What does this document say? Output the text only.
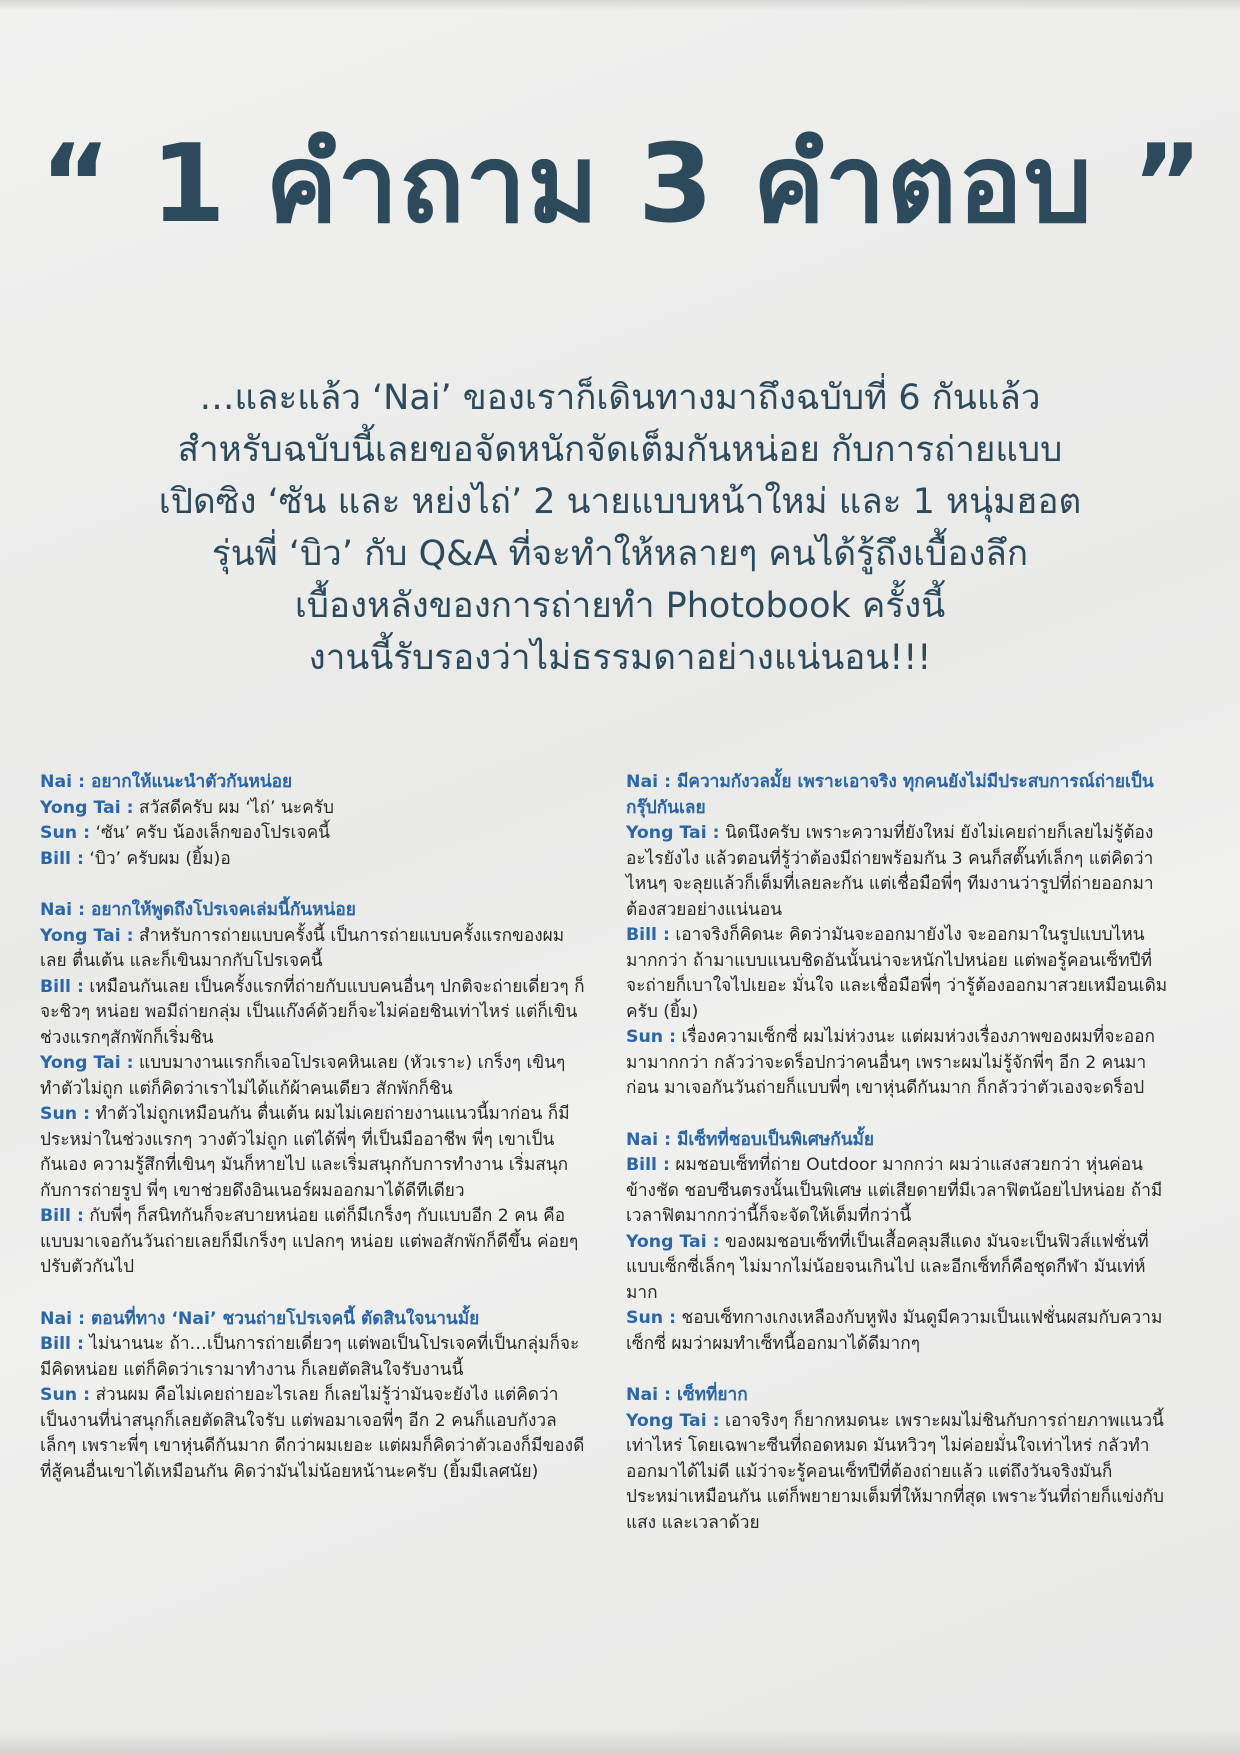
“ 1 คำถาม 3 คำตอบ ”
…และแล้ว ‘Nai’ ของเราก็เดินทางมาถึงฉบับที่ 6 กันแล้ว
สำหรับฉบับนี้เลยขอจัดหนักจัดเต็มกันหน่อย กับการถ่ายแบบ
เปิดซิง ‘ซัน และ หย่งไถ่’ 2 นายแบบหน้าใหม่ และ 1 หนุ่มฮอต
รุ่นพี่ ‘บิว’ กับ Q&A ที่จะทำให้หลายๆ คนได้รู้ถึงเบื้องลึก
เบื้องหลังของการถ่ายทำ Photobook ครั้งนี้
งานนี้รับรองว่าไม่ธรรมดาอย่างแน่นอน!!!
Nai : อยากให้แนะนำตัวกันหน่อย
Yong Tai : สวัสดีครับ ผม ‘ไถ่’ นะครับ
Sun : ‘ซัน’ ครับ น้องเล็กของโปรเจคนี้
Bill : ‘บิว’ ครับผม (ยิ้ม)อ
Nai : อยากให้พูดถึงโปรเจคเล่มนี้กันหน่อย
Yong Tai : สำหรับการถ่ายแบบครั้งนี้ เป็นการถ่ายแบบครั้งแรกของผมเลย ตื่นเต้น และก็เขินมากกับโปรเจคนี้
Bill : เหมือนกันเลย เป็นครั้งแรกที่ถ่ายกับแบบคนอื่นๆ ปกติจะถ่ายเดี่ยวๆ ก็จะชิวๆ หน่อย พอมีถ่ายกลุ่ม เป็นแก๊งค์ด้วยก็จะไม่ค่อยชินเท่าไหร่ แต่ก็เขินช่วงแรกๆสักพักก็เริ่มชิน
Yong Tai : แบบมางานแรกก็เจอโปรเจคหินเลย (หัวเราะ) เกร็งๆ เขินๆ ทำตัวไม่ถูก แต่ก็คิดว่าเราไม่ได้แก้ผ้าคนเดียว สักพักก็ชิน
Sun : ทำตัวไม่ถูกเหมือนกัน ตื่นเต้น ผมไม่เคยถ่ายงานแนวนี้มาก่อน ก็มีประหม่าในช่วงแรกๆ วางตัวไม่ถูก แต่ได้พี่ๆ ที่เป็นมืออาชีพ พี่ๆ เขาเป็นกันเอง ความรู้สึกที่เขินๆ มันก็หายไป และเริ่มสนุกกับการทำงาน เริ่มสนุกกับการถ่ายรูป พี่ๆ เขาช่วยดึงอินเนอร์ผมออกมาได้ดีทีเดียว
Bill : กับพี่ๆ ก็สนิทกันก็จะสบายหน่อย แต่ก็มีเกร็งๆ กับแบบอีก 2 คน คือแบบมาเจอกันวันถ่ายเลยก็มีเกร็งๆ แปลกๆ หน่อย แต่พอสักพักก็ดีขึ้น ค่อยๆ ปรับตัวกันไป
Nai : ตอนที่ทาง ‘Nai’ ชวนถ่ายโปรเจคนี้ ตัดสินใจนานมั้ย
Bill : ไม่นานนะ ถ้า…เป็นการถ่ายเดี่ยวๆ แต่พอเป็นโปรเจคที่เป็นกลุ่มก็จะมีคิดหน่อย แต่ก็คิดว่าเรามาทำงาน ก็เลยตัดสินใจรับงานนี้
Sun : ส่วนผม คือไม่เคยถ่ายอะไรเลย ก็เลยไม่รู้ว่ามันจะยังไง แต่คิดว่าเป็นงานที่น่าสนุกก็เลยตัดสินใจรับ แต่พอมาเจอพี่ๆ อีก 2 คนก็แอบกังวลเล็กๆ เพราะพี่ๆ เขาหุ่นดีกันมาก ดีกว่าผมเยอะ แต่ผมก็คิดว่าตัวเองก็มีของดีที่สู้คนอื่นเขาได้เหมือนกัน คิดว่ามันไม่น้อยหน้านะครับ (ยิ้มมีเลศนัย)
Nai : มีความกังวลมั้ย เพราะเอาจริง ทุกคนยังไม่มีประสบการณ์ถ่ายเป็นกรุ๊ปกันเลย
Yong Tai : นิดนึงครับ เพราะความที่ยังใหม่ ยังไม่เคยถ่ายก็เลยไม่รู้ต้องอะไรยังไง แล้วตอนที่รู้ว่าต้องมีถ่ายพร้อมกัน 3 คนก็สตั๊นท์เล็กๆ แต่คิดว่าไหนๆ จะลุยแล้วก็เต็มที่เลยละกัน แต่เชื่อมือพี่ๆ ทีมงานว่ารูปที่ถ่ายออกมาต้องสวยอย่างแน่นอน
Bill : เอาจริงก็คิดนะ คิดว่ามันจะออกมายังไง จะออกมาในรูปแบบไหนมากกว่า ถ้ามาแบบแนบชิดอันนั้นน่าจะหนักไปหน่อย แต่พอรู้คอนเซ็ทปีที่จะถ่ายก็เบาใจไปเยอะ มั่นใจ และเชื่อมือพี่ๆ ว่ารู้ต้องออกมาสวยเหมือนเดิมครับ (ยิ้ม)
Sun : เรื่องความเซ็กซี่ ผมไม่ห่วงนะ แต่ผมห่วงเรื่องภาพของผมที่จะออกมามากกว่า กลัวว่าจะดร็อปกว่าคนอื่นๆ เพราะผมไม่รู้จักพี่ๆ อีก 2 คนมาก่อน มาเจอกันวันถ่ายก็แบบพี่ๆ เขาหุ่นดีกันมาก ก็กลัวว่าตัวเองจะดร็อป
Nai : มีเซ็ทที่ชอบเป็นพิเศษกันมั้ย
Bill : ผมชอบเซ็ทที่ถ่าย Outdoor มากกว่า ผมว่าแสงสวยกว่า หุ่นค่อนข้างชัด ชอบซีนตรงนั้นเป็นพิเศษ แต่เสียดายที่มีเวลาฟิตน้อยไปหน่อย ถ้ามีเวลาฟิตมากกว่านี้ก็จะจัดให้เต็มที่กว่านี้
Yong Tai : ของผมชอบเซ็ทที่เป็นเสื้อคลุมสีแดง มันจะเป็นฟิวส์แฟชั่นที่แบบเซ็กซี่เล็กๆ ไม่มากไม่น้อยจนเกินไป และอีกเซ็ทก็คือชุดกีฬา มันเท่ห์มาก
Sun : ชอบเซ็ทกางเกงเหลืองกับหูฟัง มันดูมีความเป็นแฟชั่นผสมกับความเซ็กซี่ ผมว่าผมทำเซ็ทนี้ออกมาได้ดีมากๆ
Nai : เซ็ทที่ยาก
Yong Tai : เอาจริงๆ ก็ยากหมดนะ เพราะผมไม่ชินกับการถ่ายภาพแนวนี้เท่าไหร่ โดยเฉพาะซีนที่ถอดหมด มันหวิวๆ ไม่ค่อยมั่นใจเท่าไหร่ กลัวทำออกมาได้ไม่ดี แม้ว่าจะรู้คอนเซ็ทปีที่ต้องถ่ายแล้ว แต่ถึงวันจริงมันก็ประหม่าเหมือนกัน แต่ก็พยายามเต็มที่ให้มากที่สุด เพราะวันที่ถ่ายก็แข่งกับแสง และเวลาด้วย
